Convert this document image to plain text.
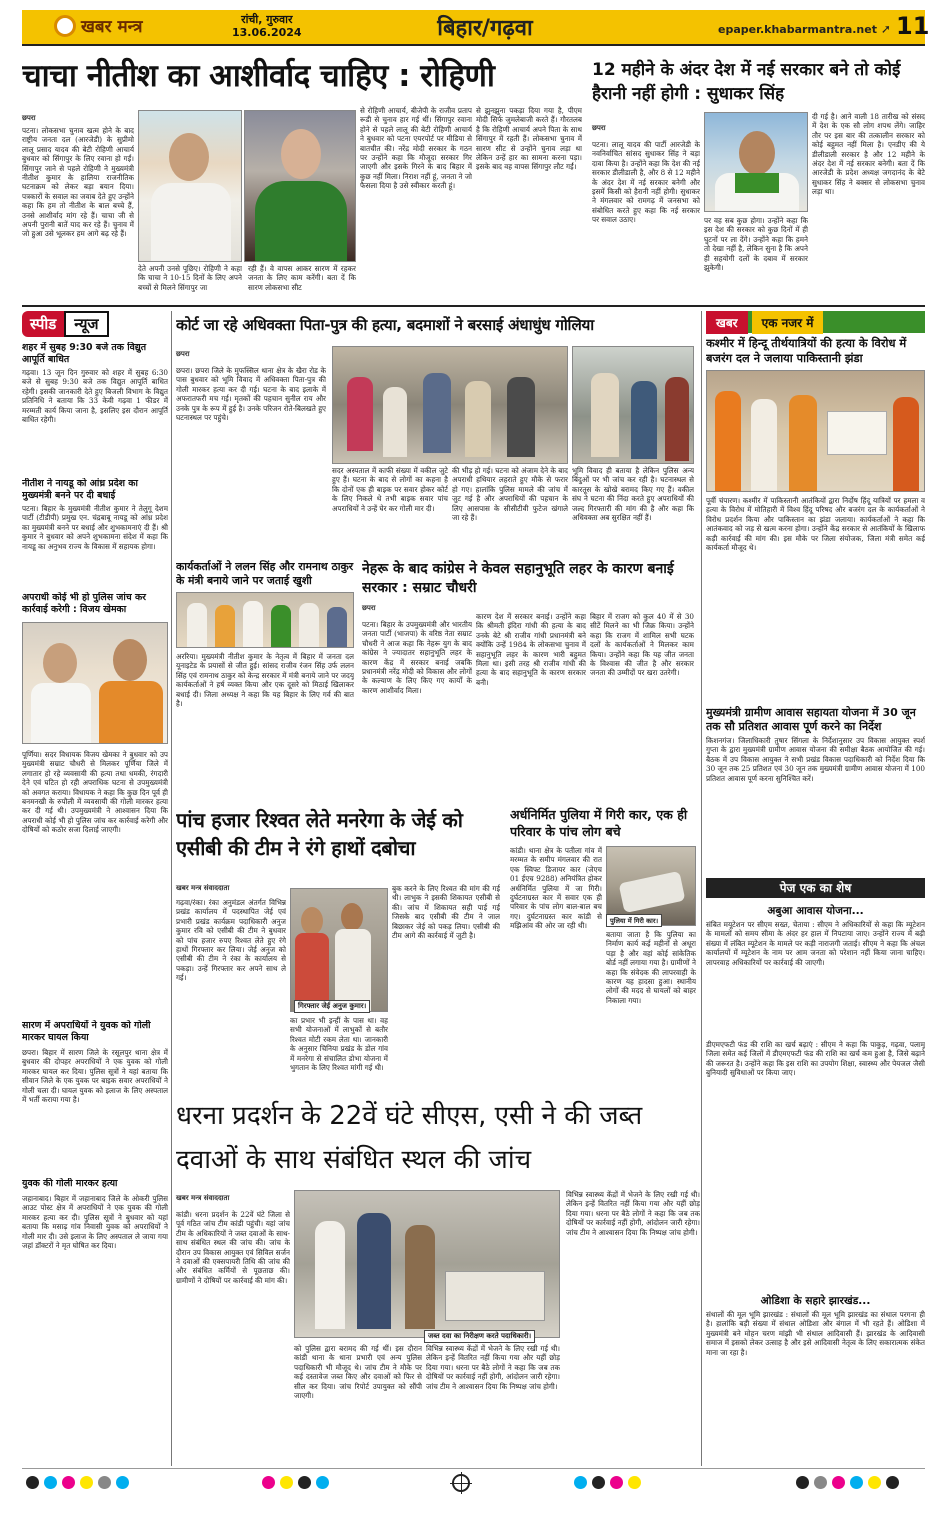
खबर मन्त्र	रांची, गुरुवार
13.06.2024	बिहार/गढ़वा	epaper.khabarmantra.net ➚ 11
चाचा नीतीश का आशीर्वाद चाहिए : रोहिणी
छपरा
पटना। लोकसभा चुनाव खत्म होने के बाद राष्ट्रीय जनता दल (आरजेडी) के सुप्रीमो लालू प्रसाद यादव की बेटी रोहिणी आचार्य बुधवार को सिंगापुर के लिए रवाना हो गईं। सिंगापुर जाने से पहले रोहिणी ने मुख्यमंत्री नीतीश कुमार के हालिया राजनीतिक घटनाक्रम को लेकर बड़ा बयान दिया। पत्रकारों के सवाल का जवाब देते हुए उन्होंने कहा कि हम तो नीतीश के बाल बच्चे हैं, उनसे आशीर्वाद मांग रहे हैं। चाचा जी से अपनी पुरानी बातें याद कर रहे हैं। चुनाव में जो हुआ उसे भूलकर हम आगे बढ़ रहे हैं।
देते अपनी उनसे पूछिए। रोहिणी ने कहा कि चाचा ने 10-15 दिनों के लिए अपने बच्चों से मिलने सिंगापुर जा
रही हैं। वे वापस आकर सारण में रहकर जनता के लिए काम करेंगी। बता दें कि सारण लोकसभा सीट
से रोहिणी आचार्य, बीजेपी के राजीव प्रताप रूडी से चुनाव हार गई थीं। सिंगापुर रवाना होने से पहले लालू की बेटी रोहिणी आचार्य ने बुधवार को पटना एयरपोर्ट पर मीडिया से बातचीत की। नरेंद्र मोदी सरकार के गठन पर उन्होंने कहा कि मौजूदा सरकार गिर जाएगी और इसके गिरने के बाद बिहार में कुछ नहीं मिला। निराश नहीं हूं, जनता ने जो फैसला दिया है उसे स्वीकार करती हूं।
से झुनझुना पकड़ा दिया गया है, पीएम मोदी सिर्फ जुमलेबाजी करते हैं। गौरतलब है कि रोहिणी आचार्य अपने पिता के साथ सिंगापुर में रहती हैं। लोकसभा चुनाव में सारण सीट से उन्होंने चुनाव लड़ा था लेकिन उन्हें हार का सामना करना पड़ा। इसके बाद वह वापस सिंगापुर लौट गईं।
12 महीने के अंदर देश में नई सरकार बने तो कोई हैरानी नहीं होगी : सुधाकर सिंह
छपरा
पटना। लालू यादव की पार्टी आरजेडी के नवनिर्वाचित सांसद सुधाकर सिंह ने बड़ा दावा किया है। उन्होंने कहा कि देश की नई सरकार डीलीडाली है, और 8 से 12 महीने के अंदर देश में नई सरकार बनेगी और इसमें किसी को हैरानी नहीं होगी। सुधाकर ने मंगलवार को रामगढ़ में जनसभा को संबोधित करते हुए कहा कि नई सरकार पर सवाल उठाए।	पर वह सब कुछ होगा। उन्होंने कहा कि इस देश की सरकार को कुछ दिनों में ही घुटनों पर ला देंगे। उन्होंने कहा कि हमने तो देखा नहीं है, लेकिन सुना है कि अपने ही सहयोगी दलों के दबाव में सरकार झुकेगी।
दी गई है। आने वाली 18 तारीख को संसद में देश के एक सौ लोग शपथ लेंगे। जाहिर तौर पर इस बार की तत्कालीन सरकार को कोई बहुमत नहीं मिला है। एनडीए की ये डीलीडाली सरकार है और 12 महीने के अंदर देश में नई सरकार बनेगी। बता दें कि आरजेडी के प्रदेश अध्यक्ष जगदानंद के बेटे सुधाकर सिंह ने बक्सर से लोकसभा चुनाव लड़ा था।
स्पीड	न्यूज
शहर में सुबह 9:30 बजे तक विद्युत आपूर्ति बाधित
गढ़वा। 13 जून दिन गुरुवार को शहर में सुबह 6:30 बजे से सुबह 9:30 बजे तक विद्युत आपूर्ति बाधित रहेगी। इसकी जानकारी देते हुए बिजली विभाग के विद्युत प्रतिनिधि ने बताया कि 33 केवी गढ़वा 1 फीडर में मरम्मती कार्य किया जाना है, इसलिए इस दौरान आपूर्ति बाधित रहेगी।
नीतीश ने नायडू को आंध्र प्रदेश का मुख्यमंत्री बनने पर दी बधाई
पटना। बिहार के मुख्यमंत्री नीतीश कुमार ने तेलुगू देशम पार्टी (टीडीपी) प्रमुख एन. चंद्रबाबू नायडू को आंध्र प्रदेश का मुख्यमंत्री बनने पर बधाई और शुभकामनाएं दी हैं। श्री कुमार ने बुधवार को अपने शुभकामना संदेश में कहा कि नायडू का अनुभव राज्य के विकास में सहायक होगा।
अपराधी कोई भी हो पुलिस जांच कर कार्रवाई करेगी : विजय खेमका
पूर्णिया। सदर विधायक विजय खेमका ने बुधवार को उप मुख्यमंत्री सम्राट चौधरी से मिलकर पूर्णिया जिले में लगातार हो रहे व्यवसायी की हत्या तथा धमकी, रंगदारी देने एवं घटित हो रही अपराधिक घटना से उपमुख्यमंत्री को अवगत कराया। विधायक ने कहा कि कुछ दिन पूर्व ही बनमनखी के रुपौली में व्यवसायी की गोली मारकर हत्या कर दी गई थी। उपमुख्यमंत्री ने आश्वासन दिया कि अपराधी कोई भी हो पुलिस जांच कर कार्रवाई करेगी और दोषियों को कठोर सजा दिलाई जाएगी।
सारण में अपराधियों ने युवक को गोली मारकर घायल किया
छपरा। बिहार में सारण जिले के रसूलपुर थाना क्षेत्र में बुधवार की दोपहर अपराधियों ने एक युवक को गोली मारकर घायल कर दिया। पुलिस सूत्रों ने यहां बताया कि सीवान जिले के एक युवक पर बाइक सवार अपराधियों ने गोली चला दी। घायल युवक को इलाज के लिए अस्पताल में भर्ती कराया गया है।
युवक की गोली मारकर हत्या
जहानाबाद। बिहार में जहानाबाद जिले के ओकरी पुलिस आउट पोस्ट क्षेत्र में अपराधियों ने एक युवक की गोली मारकर हत्या कर दी। पुलिस सूत्रों ने बुधवार को यहां बताया कि मसाढ़ गांव निवासी युवक को अपराधियों ने गोली मार दी। उसे इलाज के लिए अस्पताल ले जाया गया जहां डॉक्टरों ने मृत घोषित कर दिया।
कोर्ट जा रहे अधिवक्ता पिता-पुत्र की हत्या, बदमाशों ने बरसाई अंधाधुंध गोलिया
छपरा
छपरा। छपरा जिले के मुफस्सिल थाना क्षेत्र के खैरा रोड के पास बुधवार को भूमि विवाद में अधिवक्ता पिता-पुत्र की गोली मारकर हत्या कर दी गई। घटना के बाद इलाके में अफरातफरी मच गई। मृतकों की पहचान सुनील राय और उनके पुत्र के रूप में हुई है। उनके परिजन रोते-बिलखते हुए घटनास्थल पर पहुंचे।
सदर अस्पताल में काफी संख्या में वकील जुटे हुए हैं। घटना के बाद से लोगों का कहना है कि दोनों एक ही बाइक पर सवार होकर कोर्ट के लिए निकले थे तभी बाइक सवार पांच अपराधियों ने उन्हें घेर कर गोली मार दी।
की भीड़ हो गई। घटना को अंजाम देने के बाद अपराधी हथियार लहराते हुए मौके से फरार हो गए। हालांकि पुलिस मामले की जांच में जुट गई है और अपराधियों की पहचान के लिए आसपास के सीसीटीवी फुटेज खंगाले जा रहे हैं।
भूमि विवाद ही बताया है लेकिन पुलिस अन्य बिंदुओं पर भी जांच कर रही है। घटनास्थल से कारतूस के खोखे बरामद किए गए हैं। वकील संघ ने घटना की निंदा करते हुए अपराधियों की जल्द गिरफ्तारी की मांग की है और कहा कि अधिवक्ता अब सुरक्षित नहीं हैं।
कार्यकर्ताओं ने ललन सिंह और रामनाथ ठाकुर के मंत्री बनाये जाने पर जताई खुशी
अररिया। मुख्यमंत्री नीतीश कुमार के नेतृत्व में बिहार में जनता दल यूनाइटेड के प्रयासों से जीत हुई। सांसद राजीव रंजन सिंह उर्फ ललन सिंह एवं रामनाथ ठाकुर को केन्द्र सरकार में मंत्री बनाये जाने पर जदयू कार्यकर्ताओं ने हर्ष व्यक्त किया और एक दूसरे को मिठाई खिलाकर बधाई दी। जिला अध्यक्ष ने कहा कि यह बिहार के लिए गर्व की बात है।
नेहरू के बाद कांग्रेस ने केवल सहानुभूति लहर के कारण बनाई सरकार : सम्राट चौधरी
छपरा
पटना। बिहार के उपमुख्यमंत्री और भारतीय जनता पार्टी (भाजपा) के वरिष्ठ नेता सम्राट चौधरी ने आज कहा कि नेहरू युग के बाद कांग्रेस ने ज्यादातर सहानुभूति लहर के कारण केंद्र में सरकार बनाई जबकि प्रधानमंत्री नरेंद्र मोदी को विकास और लोगों के कल्याण के लिए किए गए कार्यों के कारण आशीर्वाद मिला।
कारण देश में सरकार बनाई। उन्होंने कहा कि श्रीमती इंदिरा गांधी की हत्या के बाद उनके बेटे श्री राजीव गांधी प्रधानमंत्री बने क्योंकि उन्हें 1984 के लोकसभा चुनाव में सहानुभूति लहर के कारण भारी बहुमत मिला था। इसी तरह श्री राजीव गांधी की हत्या के बाद सहानुभूति के कारण सरकार बनी।
बिहार में राजग को कुल 40 में से 30 सीटें मिलने का भी जिक्र किया। उन्होंने कहा कि राजग में शामिल सभी घटक दलों के कार्यकर्ताओं ने मिलकर काम किया। उन्होंने कहा कि यह जीत जनता के विश्वास की जीत है और सरकार जनता की उम्मीदों पर खरा उतरेगी।
पांच हजार रिश्वत लेते मनरेगा के जेई को एसीबी की टीम ने रंगे हाथों दबोचा
खबर मन्त्र संवाददाता
गढ़वा/रंका। रंका अनुमंडल अंतर्गत विभिन्न प्रखंड कार्यालय में पदस्थापित जेई एवं प्रभारी प्रखंड कार्यक्रम पदाधिकारी अनुज कुमार रवि को एसीबी की टीम ने बुधवार को पांच हजार रुपए रिश्वत लेते हुए रंगे हाथों गिरफ्तार कर लिया। जेई अनुज को एसीबी की टीम ने रंका के कार्यालय से पकड़ा। उन्हें गिरफ्तार कर अपने साथ ले गई।
गिरफ्तार जेई अनुज कुमार।
का प्रभार भी इन्हीं के पास था। वह सभी योजनाओं में लाभुकों से बतौर रिश्वत मोटी रकम लेता था। जानकारी के अनुसार चिनिया प्रखंड के डोल गांव में मनरेगा से संचालित डोभा योजना में भुगतान के लिए रिश्वत मांगी गई थी।
बुक करने के लिए रिश्वत की मांग की गई थी। लाभुक ने इसकी शिकायत एसीबी से की। जांच में शिकायत सही पाई गई जिसके बाद एसीबी की टीम ने जाल बिछाकर जेई को पकड़ लिया। एसीबी की टीम आगे की कार्रवाई में जुटी है।
अर्धनिर्मित पुलिया में गिरी कार, एक ही परिवार के पांच लोग बचे
कांडी। थाना क्षेत्र के पतीला गांव में मरम्मत के समीप मंगलवार की रात एक स्विफ्ट डिजायर कार (जेएच 01 ईएच 9288) अनियंत्रित होकर अर्धनिर्मित पुलिया में जा गिरी। दुर्घटनाग्रस्त कार में सवार एक ही परिवार के पांच लोग बाल-बाल बच गए। दुर्घटनाग्रस्त कार कांडी से मझिआंव की ओर जा रही थी।
पुलिया में गिरी कार।
बताया जाता है कि पुलिया का निर्माण कार्य कई महीनों से अधूरा पड़ा है और वहां कोई सांकेतिक बोर्ड नहीं लगाया गया है। ग्रामीणों ने कहा कि संवेदक की लापरवाही के कारण यह हादसा हुआ। स्थानीय लोगों की मदद से घायलों को बाहर निकाला गया।
धरना प्रदर्शन के 22वें घंटे सीएस, एसी ने की जब्त दवाओं के साथ संबंधित स्थल की जांच
खबर मन्त्र संवाददाता
कांडी। धरना प्रदर्शन के 22वें घंटे जिला से पूर्व गठित जांच टीम कांडी पहुंची। यहां जांच टीम के अधिकारियों ने जब्त दवाओं के साथ-साथ संबंधित स्थल की जांच की। जांच के दौरान उप विकास आयुक्त एवं सिविल सर्जन ने दवाओं की एक्सपायरी तिथि की जांच की और संबंधित कर्मियों से पूछताछ की। ग्रामीणों ने दोषियों पर कार्रवाई की मांग की।
जब्त दवा का निरीक्षण करते पदाधिकारी।
को पुलिस द्वारा बरामद की गई थीं। इस दौरान कांडी थाना के थाना प्रभारी एवं अन्य पुलिस पदाधिकारी भी मौजूद थे। जांच टीम ने मौके पर कई दस्तावेज जब्त किए और दवाओं को फिर से सील कर दिया। जांच रिपोर्ट उपायुक्त को सौंपी जाएगी।
विभिन्न स्वास्थ्य केंद्रों में भेजने के लिए रखी गई थी। लेकिन इन्हें वितरित नहीं किया गया और यहीं छोड़ दिया गया। धरना पर बैठे लोगों ने कहा कि जब तक दोषियों पर कार्रवाई नहीं होगी, आंदोलन जारी रहेगा। जांच टीम ने आश्वासन दिया कि निष्पक्ष जांच होगी।
विभिन्न स्वास्थ्य केंद्रों में भेजने के लिए रखी गई थी। लेकिन इन्हें वितरित नहीं किया गया और यहीं छोड़ दिया गया। धरना पर बैठे लोगों ने कहा कि जब तक दोषियों पर कार्रवाई नहीं होगी, आंदोलन जारी रहेगा। जांच टीम ने आश्वासन दिया कि निष्पक्ष जांच होगी।
खबर	एक नजर में
कश्मीर में हिन्दू तीर्थयात्रियों की हत्या के विरोध में बजरंग दल ने जलाया पाकिस्तानी झंडा
पूर्वी चंपारण। कश्मीर में पाकिस्तानी आतंकियों द्वारा निर्दोष हिंदू यात्रियों पर हमला व हत्या के विरोध में मोतिहारी में विश्व हिंदू परिषद और बजरंग दल के कार्यकर्ताओं ने विरोध प्रदर्शन किया और पाकिस्तान का झंडा जलाया। कार्यकर्ताओं ने कहा कि आतंकवाद को जड़ से खत्म करना होगा। उन्होंने केंद्र सरकार से आतंकियों के खिलाफ कड़ी कार्रवाई की मांग की। इस मौके पर जिला संयोजक, जिला मंत्री समेत कई कार्यकर्ता मौजूद थे।
मुख्यमंत्री ग्रामीण आवास सहायता योजना में 30 जून तक सौ प्रतिशत आवास पूर्ण करने का निर्देश
किशनगंज। जिलाधिकारी तुषार सिंगला के निर्देशानुसार उप विकास आयुक्त स्पर्श गुप्ता के द्वारा मुख्यमंत्री ग्रामीण आवास योजना की समीक्षा बैठक आयोजित की गई। बैठक में उप विकास आयुक्त ने सभी प्रखंड विकास पदाधिकारी को निर्देश दिया कि 30 जून तक 25 प्रतिशत एवं 30 जून तक मुख्यमंत्री ग्रामीण आवास योजना में 100 प्रतिशत आवास पूर्ण करना सुनिश्चित करें।
पेज एक का शेष
अबुआ आवास योजना...
संबित मयूटेशन पर सीएम सख्त, चेताया : सीएम ने अधिकारियों से कहा कि म्यूटेशन के मामलों को समय सीमा के अंदर हर हाल में निपटाया जाए। उन्होंने राज्य में बढ़ी संख्या में लंबित म्यूटेशन के मामले पर कड़ी नाराजगी जताई। सीएम ने कहा कि अंचल कार्यालयों में म्यूटेशन के नाम पर आम जनता को परेशान नहीं किया जाना चाहिए। लापरवाह अधिकारियों पर कार्रवाई की जाएगी।
डीएमएफटी फंड की राशि का खर्च बढ़ाएं : सीएम ने कहा कि पाकुड़, गढ़वा, पलामू जिला समेत कई जिलों में डीएमएफटी फंड की राशि का खर्च कम हुआ है, जिसे बढ़ाने की जरूरत है। उन्होंने कहा कि इस राशि का उपयोग शिक्षा, स्वास्थ्य और पेयजल जैसी बुनियादी सुविधाओं पर किया जाए।
ओडिशा के सहारे झारखंड...
संथालों की मूल भूमि झारखंड : संथालों की मूल भूमि झारखंड का संथाल परगना ही है। हालांकि बड़ी संख्या में संथाल ओडिशा और बंगाल में भी रहते हैं। ओडिशा में मुख्यमंत्री बने मोहन चरण मांझी भी संथाल आदिवासी हैं। झारखंड के आदिवासी समाज में इसको लेकर उत्साह है और इसे आदिवासी नेतृत्व के लिए सकारात्मक संकेत माना जा रहा है।
